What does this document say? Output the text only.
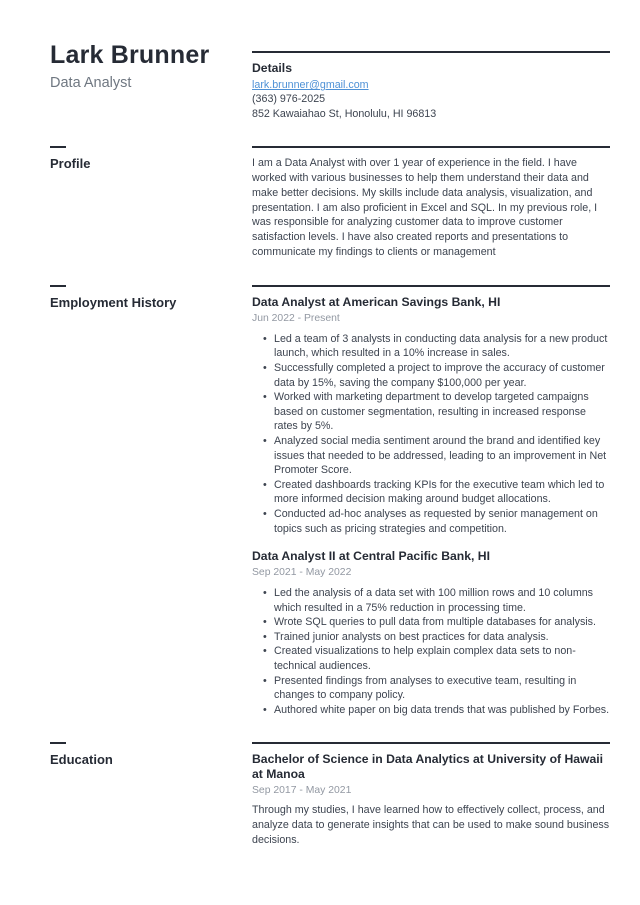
Lark Brunner
Data Analyst
Details
lark.brunner@gmail.com
(363) 976-2025
852 Kawaiahao St, Honolulu, HI 96813
Profile	I am a Data Analyst with over 1 year of experience in the field. I have worked with various businesses to help them understand their data and make better decisions. My skills include data analysis, visualization, and presentation. I am also proficient in Excel and SQL. In my previous role, I was responsible for analyzing customer data to improve customer satisfaction levels. I have also created reports and presentations to communicate my findings to clients or management

Employment History	Data Analyst at American Savings Bank, HI
Jun 2022 - Present
• Led a team of 3 analysts in conducting data analysis for a new product launch, which resulted in a 10% increase in sales.
• Successfully completed a project to improve the accuracy of customer data by 15%, saving the company $100,000 per year.
• Worked with marketing department to develop targeted campaigns based on customer segmentation, resulting in increased response rates by 5%.
• Analyzed social media sentiment around the brand and identified key issues that needed to be addressed, leading to an improvement in Net Promoter Score.
• Created dashboards tracking KPIs for the executive team which led to more informed decision making around budget allocations.
• Conducted ad-hoc analyses as requested by senior management on topics such as pricing strategies and competition.
Data Analyst II at Central Pacific Bank, HI
Sep 2021 - May 2022
• Led the analysis of a data set with 100 million rows and 10 columns which resulted in a 75% reduction in processing time.
• Wrote SQL queries to pull data from multiple databases for analysis.
• Trained junior analysts on best practices for data analysis.
• Created visualizations to help explain complex data sets to non-technical audiences.
• Presented findings from analyses to executive team, resulting in changes to company policy.
• Authored white paper on big data trends that was published by Forbes.
Education	Bachelor of Science in Data Analytics at University of Hawaii at Manoa
Sep 2017 - May 2021

Through my studies, I have learned how to effectively collect, process, and analyze data to generate insights that can be used to make sound business decisions.
